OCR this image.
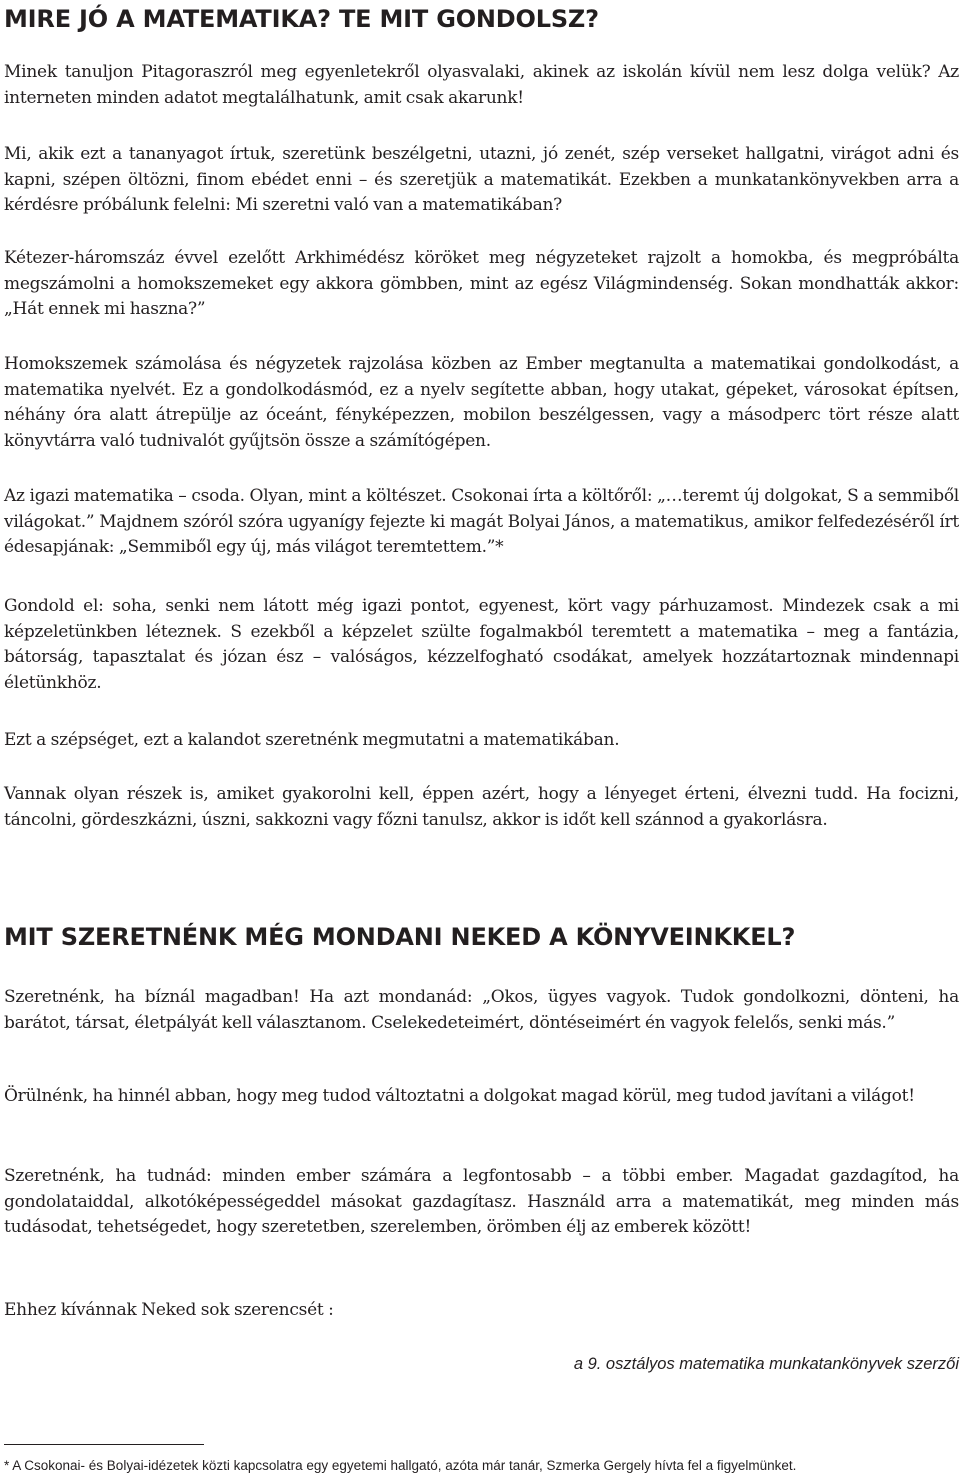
MIRE JÓ A MATEMATIKA? TE MIT GONDOLSZ?

Minek tanuljon Pitagoraszról meg egyenletekről olyasvalaki, akinek az iskolán kívül nem lesz dolga velük? Az interneten minden adatot megtalálhatunk, amit csak akarunk!

Mi, akik ezt a tananyagot írtuk, szeretünk beszélgetni, utazni, jó zenét, szép verseket hallgatni, virágot adni és kapni, szépen öltözni, finom ebédet enni – és szeretjük a matematikát. Ezekben a munkatankönyvekben arra a kérdésre próbálunk felelni: Mi szeretni való van a matematikában?

Kétezer-háromszáz évvel ezelőtt Arkhimédész köröket meg négyzeteket rajzolt a homokba, és megpróbálta megszámolni a homokszemeket egy akkora gömbben, mint az egész Világmindenség. Sokan mondhatták akkor: „Hát ennek mi haszna?”

Homokszemek számolása és négyzetek rajzolása közben az Ember megtanulta a matematikai gondolkodást, a matematika nyelvét. Ez a gondolkodásmód, ez a nyelv segítette abban, hogy utakat, gépeket, városokat építsen, néhány óra alatt átrepülje az óceánt, fényképezzen, mobilon beszélgessen, vagy a másodperc tört része alatt könyvtárra való tudnivalót gyűjtsön össze a számítógépen.

Az igazi matematika – csoda. Olyan, mint a költészet. Csokonai írta a költőről: „…teremt új dolgokat, S a semmiből világokat.” Majdnem szóról szóra ugyanígy fejezte ki magát Bolyai János, a matematikus, amikor felfedezéséről írt édesapjának: „Semmiből egy új, más világot teremtettem.”*

Gondold el: soha, senki nem látott még igazi pontot, egyenest, kört vagy párhuzamost. Mindezek csak a mi képzeletünkben léteznek. S ezekből a képzelet szülte fogalmakból teremtett a matematika – meg a fantázia, bátorság, tapasztalat és józan ész – valóságos, kézzelfogható csodákat, amelyek hozzátartoznak mindennapi életünkhöz.

Ezt a szépséget, ezt a kalandot szeretnénk megmutatni a matematikában.

Vannak olyan részek is, amiket gyakorolni kell, éppen azért, hogy a lényeget érteni, élvezni tudd. Ha focizni, táncolni, gördeszkázni, úszni, sakkozni vagy főzni tanulsz, akkor is időt kell szánnod a gyakorlásra.

MIT SZERETNÉNK MÉG MONDANI NEKED A KÖNYVEINKKEL?

Szeretnénk, ha bíznál magadban! Ha azt mondanád: „Okos, ügyes vagyok. Tudok gondolkozni, dönteni, ha barátot, társat, életpályát kell választanom. Cselekedeteimért, döntéseimért én vagyok felelős, senki más.”

Örülnénk, ha hinnél abban, hogy meg tudod változtatni a dolgokat magad körül, meg tudod javítani a világot!

Szeretnénk, ha tudnád: minden ember számára a legfontosabb – a többi ember. Magadat gazdagítod, ha gondolataiddal, alkotóképességeddel másokat gazdagítasz. Használd arra a matematikát, meg minden más tudásodat, tehetségedet, hogy szeretetben, szerelemben, örömben élj az emberek között!

Ehhez kívánnak Neked sok szerencsét :

a 9. osztályos matematika munkatankönyvek szerzői
* A Csokonai- és Bolyai-idézetek közti kapcsolatra egy egyetemi hallgató, azóta már tanár, Szmerka Gergely hívta fel a figyelmünket.
